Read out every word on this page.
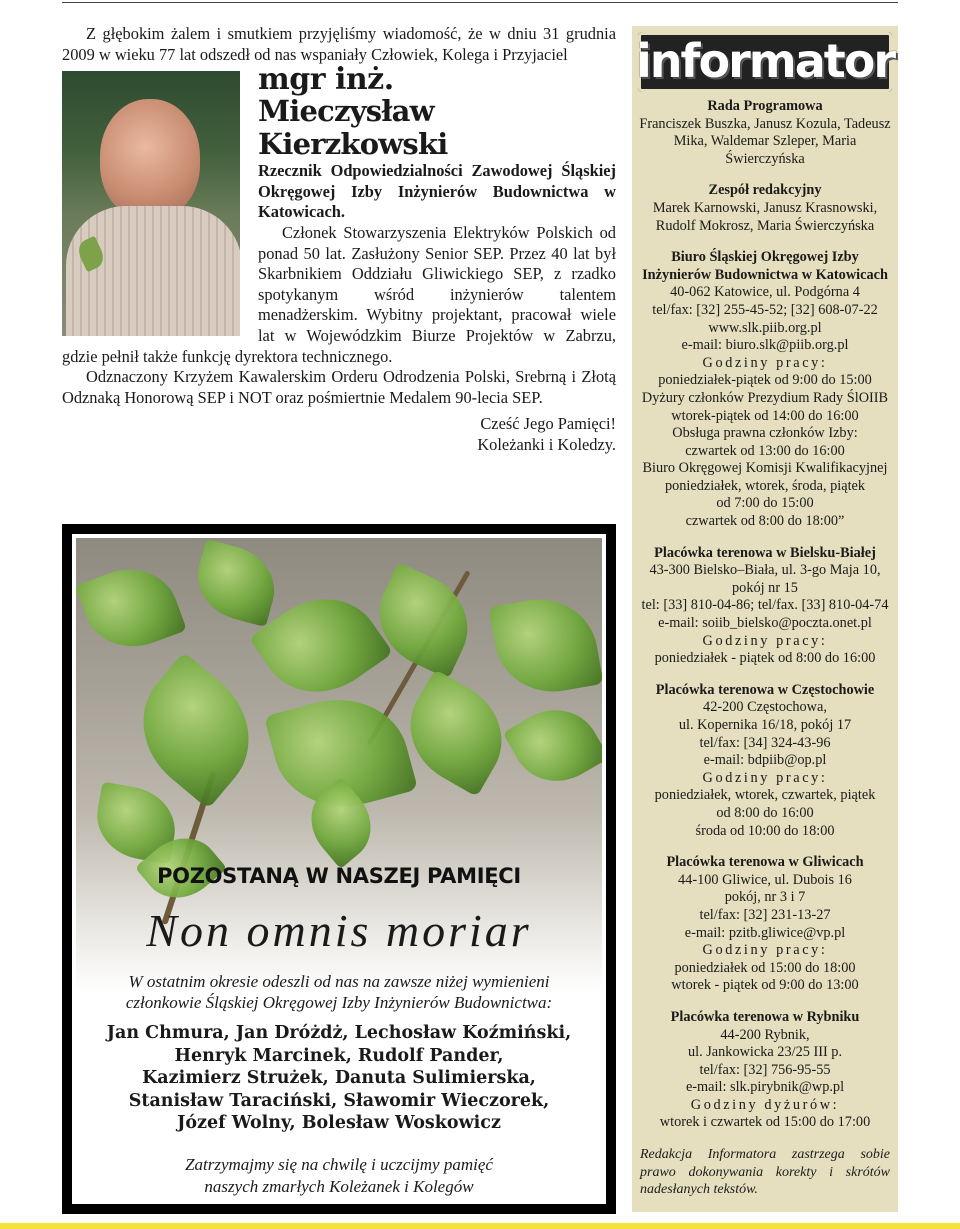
Z głębokim żalem i smutkiem przyjęliśmy wiadomość, że w dniu 31 grudnia 2009 w wieku 77 lat odszedł od nas wspaniały Człowiek, Kolega i Przyjaciel

mgr inż.
Mieczysław Kierzkowski

Rzecznik Odpowiedzialności Zawodowej Śląskiej Okręgowej Izby Inżynierów Budownictwa w Katowicach.

Członek Stowarzyszenia Elektryków Polskich od ponad 50 lat. Zasłużony Senior SEP. Przez 40 lat był Skarbnikiem Oddziału Gliwickiego SEP, z rzadko spotykanym wśród inżynierów talentem menadżerskim. Wybitny projektant, pracował wiele lat w Wojewódzkim Biurze Projektów w Zabrzu, gdzie pełnił także funkcję dyrektora technicznego.

Odznaczony Krzyżem Kawalerskim Orderu Odrodzenia Polski, Srebrną i Złotą Odznaką Honorową SEP i NOT oraz pośmiertnie Medalem 90-lecia SEP.

Cześć Jego Pamięci!
Koleżanki i Koledzy.

POZOSTANĄ W NASZEJ PAMIĘCI
Non omnis moriar
W ostatnim okresie odeszli od nas na zawsze niżej wymienieni członkowie Śląskiej Okręgowej Izby Inżynierów Budownictwa:
Jan Chmura, Jan Dróżdż, Lechosław Koźmiński,
Henryk Marcinek, Rudolf Pander,
Kazimierz Strużek, Danuta Sulimierska,
Stanisław Taraciński, Sławomir Wieczorek,
Józef Wolny, Bolesław Woskowicz
Zatrzymajmy się na chwilę i uczcijmy pamięć
naszych zmarłych Koleżanek i Kolegów
informator
Rada Programowa
Franciszek Buszka, Janusz Kozula, Tadeusz Mika, Waldemar Szleper, Maria Świerczyńska
Zespół redakcyjny
Marek Karnowski, Janusz Krasnowski, Rudolf Mokrosz, Maria Świerczyńska
Biuro Śląskiej Okręgowej Izby Inżynierów Budownictwa w Katowicach
40-062 Katowice, ul. Podgórna 4
tel/fax: [32] 255-45-52; [32] 608-07-22
www.slk.piib.org.pl
e-mail: biuro.slk@piib.org.pl
Godziny pracy:
poniedziałek-piątek od 9:00 do 15:00
Dyżury członków Prezydium Rady ŚlOIIB
wtorek-piątek od 14:00 do 16:00
Obsługa prawna członków Izby:
czwartek od 13:00 do 16:00
Biuro Okręgowej Komisji Kwalifikacyjnej
poniedziałek, wtorek, środa, piątek
od 7:00 do 15:00
czwartek od 8:00 do 18:00”
Placówka terenowa w Bielsku-Białej
43-300 Bielsko–Biała, ul. 3-go Maja 10,
pokój nr 15
tel: [33] 810-04-86; tel/fax. [33] 810-04-74
e-mail: soiib_bielsko@poczta.onet.pl
Godziny pracy:
poniedziałek - piątek od 8:00 do 16:00
Placówka terenowa w Częstochowie
42-200 Częstochowa,
ul. Kopernika 16/18, pokój 17
tel/fax: [34] 324-43-96
e-mail: bdpiib@op.pl
Godziny pracy:
poniedziałek, wtorek, czwartek, piątek
od 8:00 do 16:00
środa od 10:00 do 18:00
Placówka terenowa w Gliwicach
44-100 Gliwice, ul. Dubois 16
pokój, nr 3 i 7
tel/fax: [32] 231-13-27
e-mail: pzitb.gliwice@vp.pl
Godziny pracy:
poniedziałek od 15:00 do 18:00
wtorek - piątek od 9:00 do 13:00
Placówka terenowa w Rybniku
44-200 Rybnik,
ul. Jankowicka 23/25 III p.
tel/fax: [32] 756-95-55
e-mail: slk.pirybnik@wp.pl
Godziny dyżurów:
wtorek i czwartek od 15:00 do 17:00
Redakcja Informatora zastrzega sobie prawo dokonywania korekty i skrótów nadesłanych tekstów.
